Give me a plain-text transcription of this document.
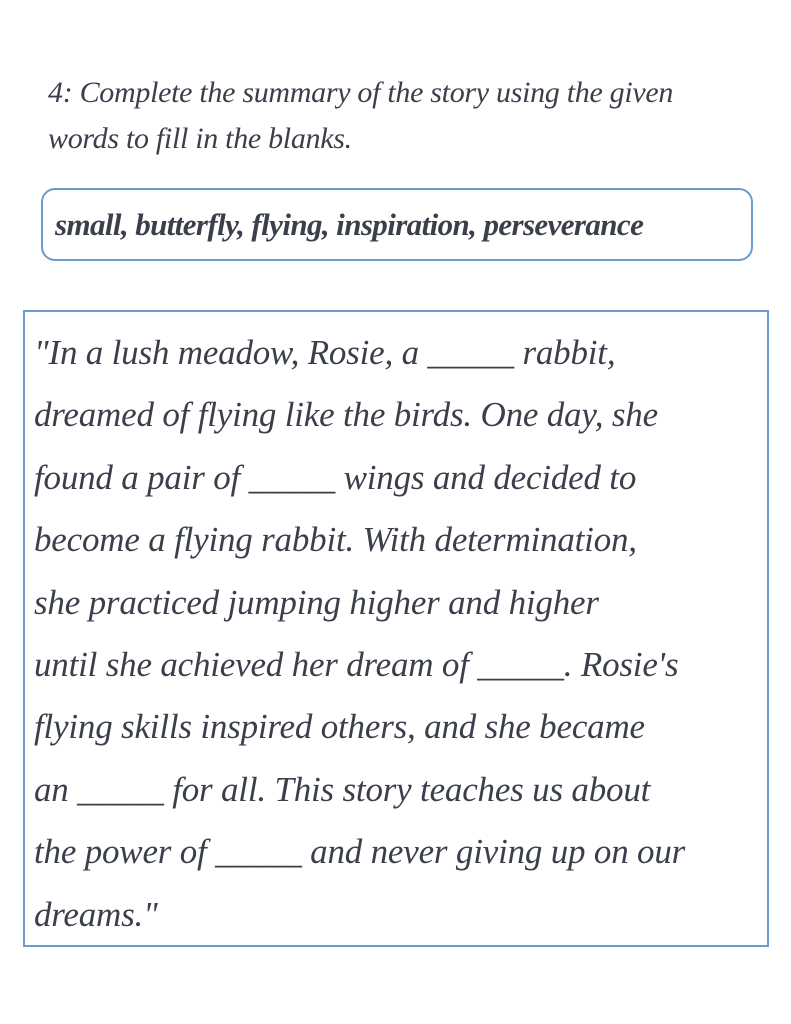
4: Complete the summary of the story using the given words to fill in the blanks.
small, butterfly, flying, inspiration, perseverance

"In a lush meadow, Rosie, a _____ rabbit,
dreamed of flying like the birds. One day, she
found a pair of _____ wings and decided to
become a flying rabbit. With determination,
she practiced jumping higher and higher
until she achieved her dream of _____. Rosie's
flying skills inspired others, and she became
an _____ for all. This story teaches us about
the power of _____ and never giving up on our
dreams."
